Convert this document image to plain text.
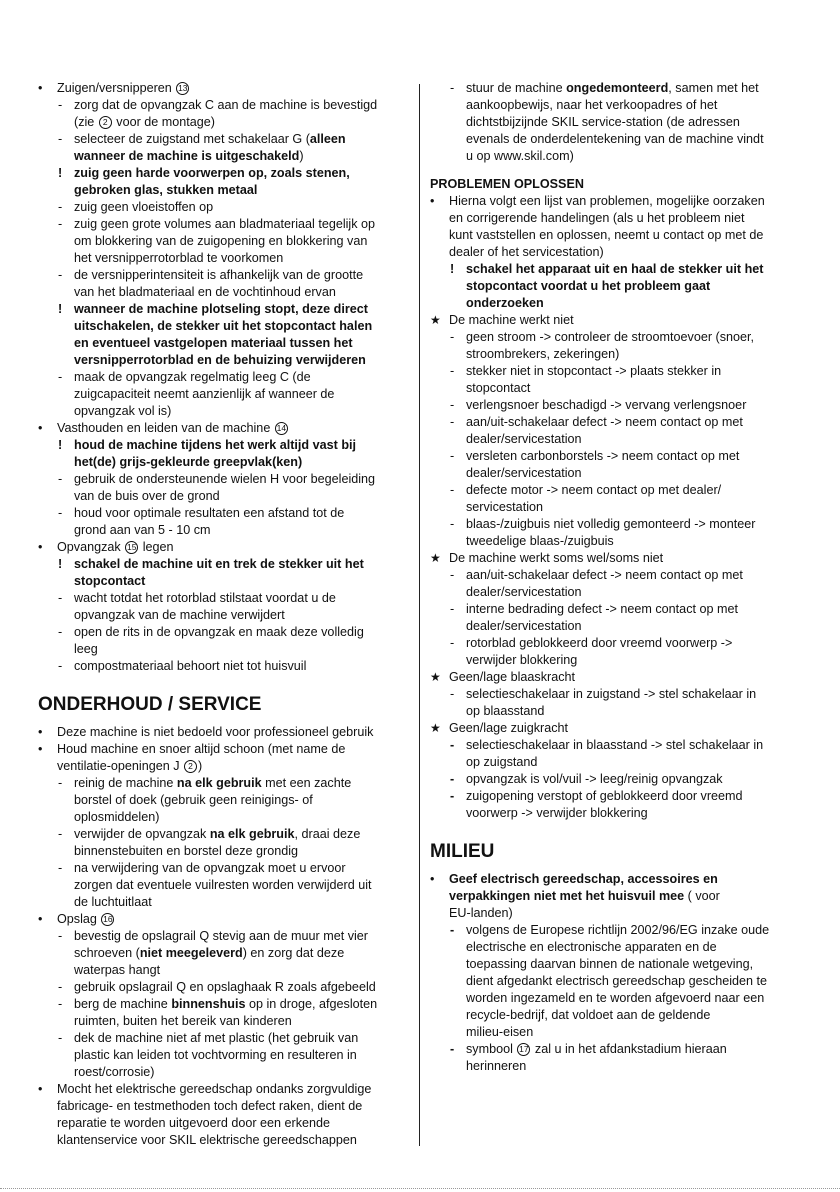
• Zuigen/versnipperen 13
- zorg dat de opvangzak C aan de machine is bevestigd
(zie 2 voor de montage)
- selecteer de zuigstand met schakelaar G (alleen
wanneer de machine is uitgeschakeld)
! zuig geen harde voorwerpen op, zoals stenen,
gebroken glas, stukken metaal
- zuig geen vloeistoffen op
- zuig geen grote volumes aan bladmateriaal tegelijk op
om blokkering van de zuigopening en blokkering van
het versnipperrotorblad te voorkomen
- de versnipperintensiteit is afhankelijk van de grootte
van het bladmateriaal en de vochtinhoud ervan
! wanneer de machine plotseling stopt, deze direct
uitschakelen, de stekker uit het stopcontact halen
en eventueel vastgelopen materiaal tussen het
versnipperrotorblad en de behuizing verwijderen
- maak de opvangzak regelmatig leeg C (de
zuigcapaciteit neemt aanzienlijk af wanneer de
opvangzak vol is)
• Vasthouden en leiden van de machine 14
! houd de machine tijdens het werk altijd vast bij
het(de) grijs-gekleurde greepvlak(ken)
- gebruik de ondersteunende wielen H voor begeleiding
van de buis over de grond
- houd voor optimale resultaten een afstand tot de
grond aan van 5 - 10 cm
• Opvangzak 15 legen
! schakel de machine uit en trek de stekker uit het
stopcontact
- wacht totdat het rotorblad stilstaat voordat u de
opvangzak van de machine verwijdert
- open de rits in de opvangzak en maak deze volledig
leeg
- compostmateriaal behoort niet tot huisvuil
ONDERHOUD / SERVICE
• Deze machine is niet bedoeld voor professioneel gebruik
• Houd machine en snoer altijd schoon (met name de
ventilatie-openingen J 2 )
- reinig de machine na elk gebruik met een zachte
borstel of doek (gebruik geen reinigings- of
oplosmiddelen)
- verwijder de opvangzak na elk gebruik, draai deze
binnenstebuiten en borstel deze grondig
- na verwijdering van de opvangzak moet u ervoor
zorgen dat eventuele vuilresten worden verwijderd uit
de luchtuitlaat
• Opslag 16
- bevestig de opslagrail Q stevig aan de muur met vier
schroeven (niet meegeleverd) en zorg dat deze
waterpas hangt
- gebruik opslagrail Q en opslaghaak R zoals afgebeeld
- berg de machine binnenshuis op in droge, afgesloten
ruimten, buiten het bereik van kinderen
- dek de machine niet af met plastic (het gebruik van
plastic kan leiden tot vochtvorming en resulteren in
roest/corrosie)
• Mocht het elektrische gereedschap ondanks zorgvuldige
fabricage- en testmethoden toch defect raken, dient de
reparatie te worden uitgevoerd door een erkende
klantenservice voor SKIL elektrische gereedschappen
- stuur de machine ongedemonteerd, samen met het
aankoopbewijs, naar het verkoopadres of het
dichtstbijzijnde SKIL service-station (de adressen
evenals de onderdelentekening van de machine vindt
u op www.skil.com)
PROBLEMEN OPLOSSEN
• Hierna volgt een lijst van problemen, mogelijke oorzaken
en corrigerende handelingen (als u het probleem niet
kunt vaststellen en oplossen, neemt u contact op met de
dealer of het servicestation)
! schakel het apparaat uit en haal de stekker uit het
stopcontact voordat u het probleem gaat
onderzoeken
★ De machine werkt niet
- geen stroom -> controleer de stroomtoevoer (snoer,
stroombrekers, zekeringen)
- stekker niet in stopcontact -> plaats stekker in
stopcontact
- verlengsnoer beschadigd -> vervang verlengsnoer
- aan/uit-schakelaar defect -> neem contact op met
dealer/servicestation
- versleten carbonborstels -> neem contact op met
dealer/servicestation
- defecte motor -> neem contact op met dealer/
servicestation
- blaas-/zuigbuis niet volledig gemonteerd -> monteer
tweedelige blaas-/zuigbuis
★ De machine werkt soms wel/soms niet
- aan/uit-schakelaar defect -> neem contact op met
dealer/servicestation
- interne bedrading defect -> neem contact op met
dealer/servicestation
- rotorblad geblokkeerd door vreemd voorwerp ->
verwijder blokkering
★ Geen/lage blaaskracht
- selectieschakelaar in zuigstand -> stel schakelaar in
op blaasstand
★ Geen/lage zuigkracht
- selectieschakelaar in blaasstand -> stel schakelaar in
op zuigstand
- opvangzak is vol/vuil -> leeg/reinig opvangzak
- zuigopening verstopt of geblokkeerd door vreemd
voorwerp -> verwijder blokkering
MILIEU
• Geef electrisch gereedschap, accessoires en
verpakkingen niet met het huisvuil mee ( voor
EU-landen)
- volgens de Europese richtlijn 2002/96/EG inzake oude
electrische en electronische apparaten en de
toepassing daarvan binnen de nationale wetgeving,
dient afgedankt electrisch gereedschap gescheiden te
worden ingezameld en te worden afgevoerd naar een
recycle-bedrijf, dat voldoet aan de geldende
milieu-eisen
- symbool 17 zal u in het afdankstadium hieraan
herinneren
